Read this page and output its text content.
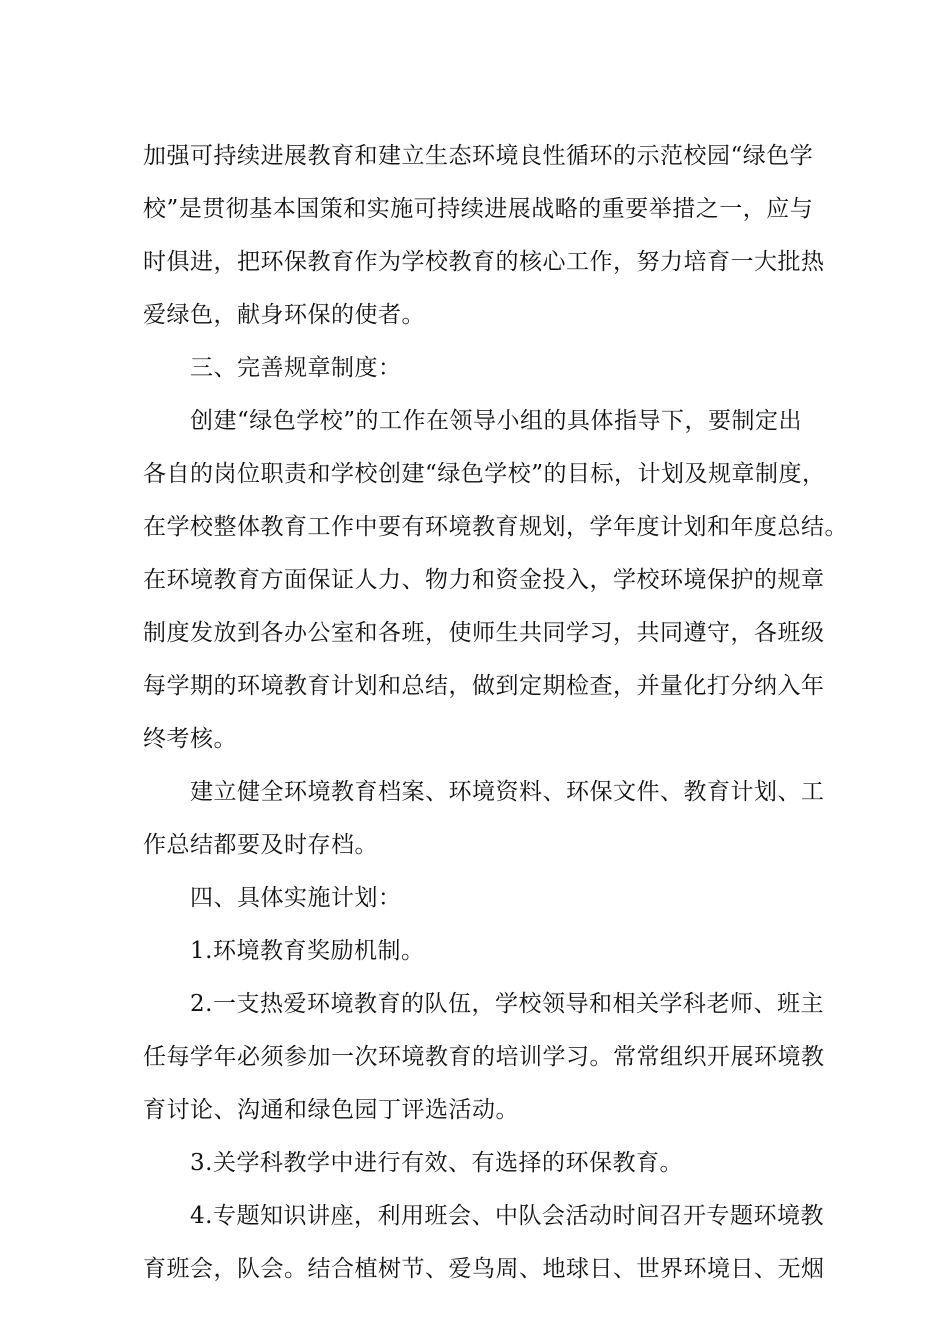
加强可持续进展教育和建立生态环境良性循环的示范校园“绿色学
校”是贯彻基本国策和实施可持续进展战略的重要举措之一，应与
时俱进，把环保教育作为学校教育的核心工作，努力培育一大批热
爱绿色，献身环保的使者。
三、完善规章制度：
创建“绿色学校”的工作在领导小组的具体指导下，要制定出
各自的岗位职责和学校创建“绿色学校”的目标，计划及规章制度，
在学校整体教育工作中要有环境教育规划，学年度计划和年度总结。
在环境教育方面保证人力、物力和资金投入，学校环境保护的规章
制度发放到各办公室和各班，使师生共同学习，共同遵守，各班级
每学期的环境教育计划和总结，做到定期检查，并量化打分纳入年
终考核。
建立健全环境教育档案、环境资料、环保文件、教育计划、工
作总结都要及时存档。
四、具体实施计划：
1.环境教育奖励机制。
2.一支热爱环境教育的队伍，学校领导和相关学科老师、班主
任每学年必须参加一次环境教育的培训学习。常常组织开展环境教
育讨论、沟通和绿色园丁评选活动。
3.关学科教学中进行有效、有选择的环保教育。
4.专题知识讲座，利用班会、中队会活动时间召开专题环境教
育班会，队会。结合植树节、爱鸟周、地球日、世界环境日、无烟
